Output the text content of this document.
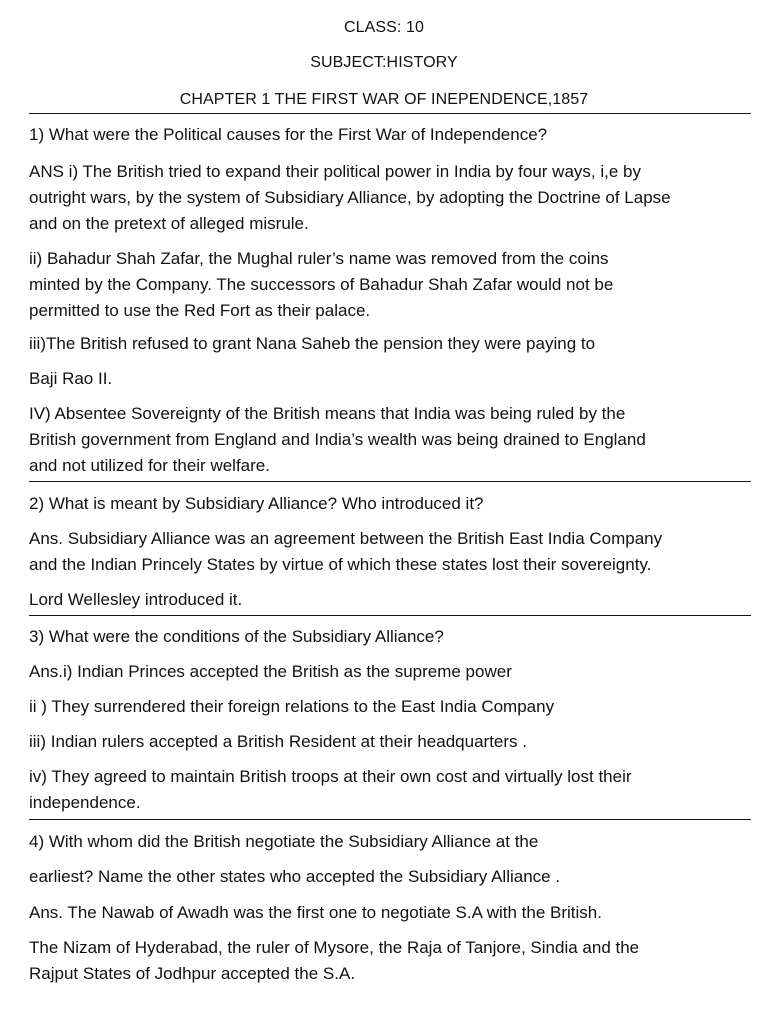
CLASS: 10
SUBJECT:HISTORY
CHAPTER 1 THE FIRST WAR OF INEPENDENCE,1857

1) What were the Political causes for the First War of Independence?

ANS i) The British tried to expand their political power in India by four ways, i,e by
outright wars, by the system of Subsidiary Alliance, by adopting the Doctrine of Lapse
and on the pretext of alleged misrule.

ii) Bahadur Shah Zafar, the Mughal ruler’s name was removed from the coins
minted by the Company. The successors of Bahadur Shah Zafar would not be
permitted to use the Red Fort as their palace.

iii)The British refused to grant Nana Saheb the pension they were paying to

Baji Rao II.

IV) Absentee Sovereignty of the British means that India was being ruled by the
British government from England and India’s wealth was being drained to England
and not utilized for their welfare.

2) What is meant by Subsidiary Alliance? Who introduced it?

Ans. Subsidiary Alliance was an agreement between the British East India Company
and the Indian Princely States by virtue of which these states lost their sovereignty.

Lord Wellesley introduced it.

3) What were the conditions of the Subsidiary Alliance?

Ans.i) Indian Princes accepted the British as the supreme power

ii ) They surrendered their foreign relations to the East India Company

iii) Indian rulers accepted a British Resident at their headquarters .

iv) They agreed to maintain British troops at their own cost and virtually lost their
independence.

4) With whom did the British negotiate the Subsidiary Alliance at the

earliest? Name the other states who accepted the Subsidiary Alliance .

Ans. The Nawab of Awadh was the first one to negotiate S.A with the British.

The Nizam of Hyderabad, the ruler of Mysore, the Raja of Tanjore, Sindia and the
Rajput States of Jodhpur accepted the S.A.
